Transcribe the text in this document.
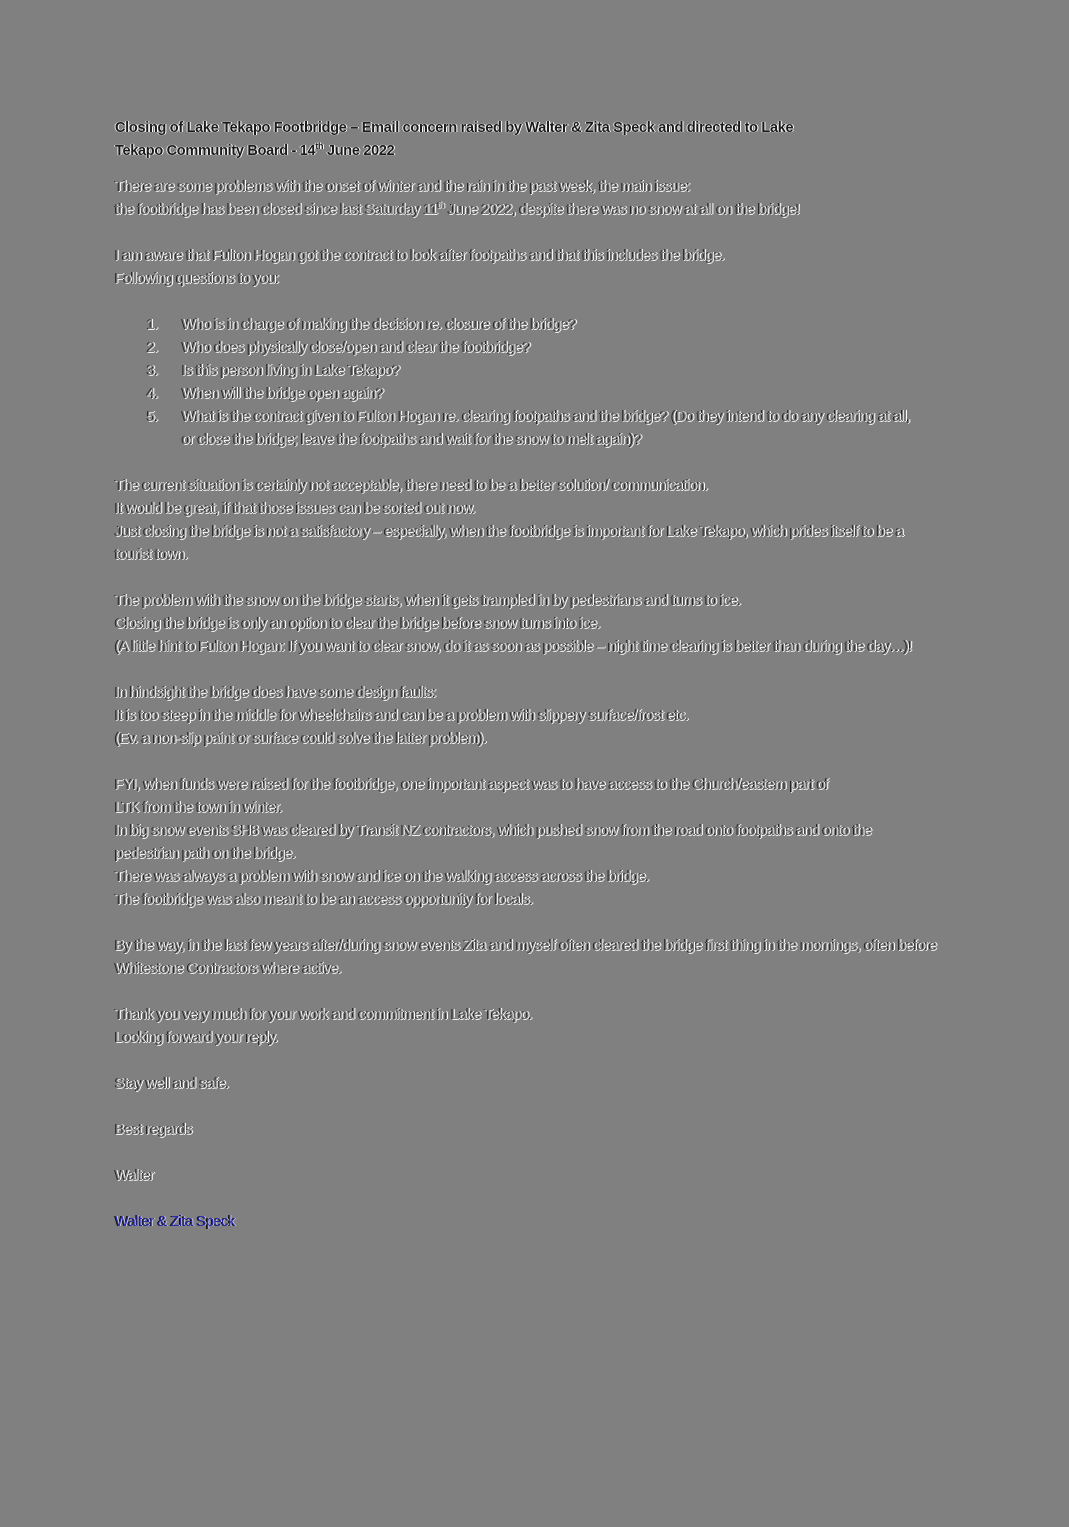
Closing of Lake Tekapo Footbridge – Email concern raised by Walter & Zita Speck and directed to Lake
Tekapo Community Board - 14th June 2022
There are some problems with the onset of winter and the rain in the past week, the main issue:
the footbridge has been closed since last Saturday 11th June 2022, despite there was no snow at all on the bridge!
I am aware that Fulton Hogan got the contract to look after footpaths and that this includes the bridge.
Following questions to you:
1.	Who is in charge of making the decision re. closure of the bridge?
2.	Who does physically close/open and clear the footbridge?
3.	Is this person living in Lake Tekapo?
4.	When will the bridge open again?
5.	What is the contract given to Fulton Hogan re. clearing footpaths and the bridge? (Do they intend to do any clearing at all, or close the bridge; leave the footpaths and wait for the snow to melt again)?
The current situation is certainly not acceptable, there need to be a better solution/ communication.
It would be great, if that those issues can be sorted out now.
Just closing the bridge is not a satisfactory – especially, when the footbridge is important for Lake Tekapo, which prides itself to be a tourist town.
The problem with the snow on the bridge starts, when it gets trampled in by pedestrians and turns to ice.
Closing the bridge is only an option to clear the bridge before snow turns into ice.
(A little hint to Fulton Hogan: If you want to clear snow, do it as soon as possible – night time clearing is better than during the day…)!
In hindsight the bridge does have some design faults:
It is too steep in the middle for wheelchairs and can be a problem with slippery surface/frost etc.
(Ev. a non-slip paint or surface could solve the latter problem).
FYI, when funds were raised for the footbridge, one important aspect was to have access to the Church/eastern part of LTK from the town in winter.
In big snow events SH8 was cleared by Transit NZ contractors, which pushed snow from the road onto footpaths and onto the pedestrian path on the bridge.
There was always a problem with snow and ice on the walking access across the bridge.
The footbridge was also meant to be an access opportunity for locals.
By the way, in the last few years after/during snow events Zita and myself often cleared the bridge first thing in the mornings, often before Whitestone Contractors where active.
Thank you very much for your work and commitment in Lake Tekapo.
Looking forward your reply.
Stay well and safe.
Best regards
Walter
Walter & Zita Speck
